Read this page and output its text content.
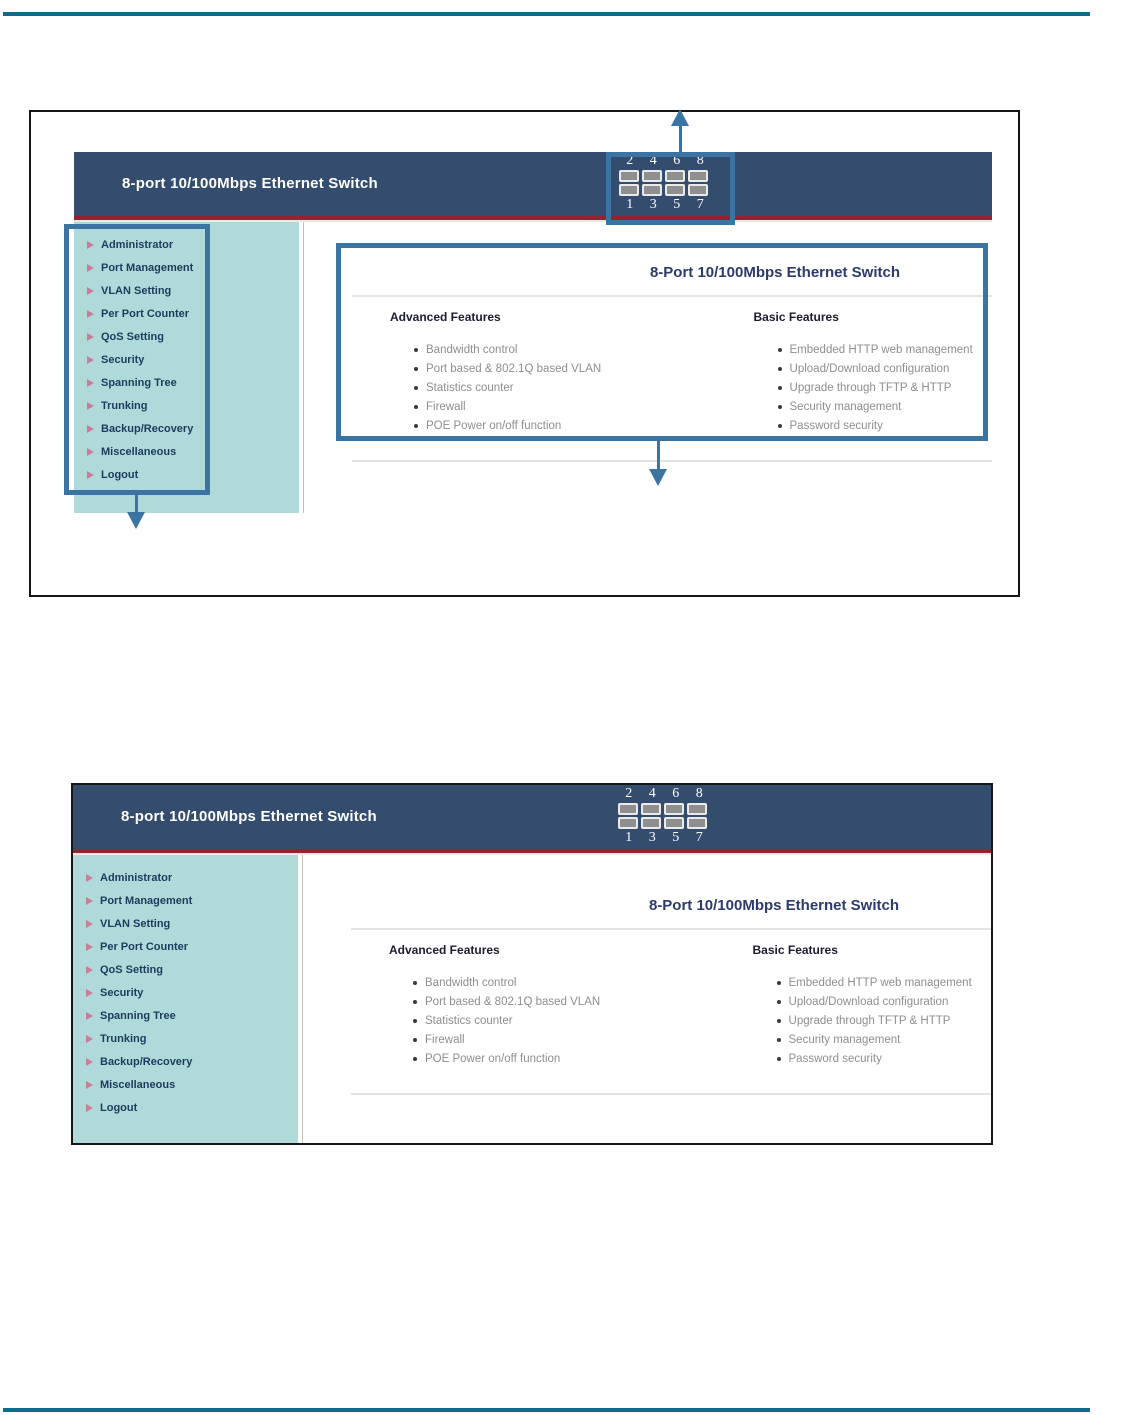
8-port 10/100Mbps Ethernet Switch
2	4	6	8
1	3	5	7
Administrator
Port Management
VLAN Setting
Per Port Counter
QoS Setting
Security
Spanning Tree
Trunking
Backup/Recovery
Miscellaneous
Logout
8-Port 10/100Mbps Ethernet Switch
Advanced Features
Bandwidth control
Port based & 802.1Q based VLAN
Statistics counter
Firewall
POE Power on/off function
Basic Features
Embedded HTTP web management
Upload/Download configuration
Upgrade through TFTP & HTTP
Security management
Password security
8-port 10/100Mbps Ethernet Switch
2	4	6	8
1	3	5	7
Administrator
Port Management
VLAN Setting
Per Port Counter
QoS Setting
Security
Spanning Tree
Trunking
Backup/Recovery
Miscellaneous
Logout
8-Port 10/100Mbps Ethernet Switch
Advanced Features
Bandwidth control
Port based & 802.1Q based VLAN
Statistics counter
Firewall
POE Power on/off function
Basic Features
Embedded HTTP web management
Upload/Download configuration
Upgrade through TFTP & HTTP
Security management
Password security
